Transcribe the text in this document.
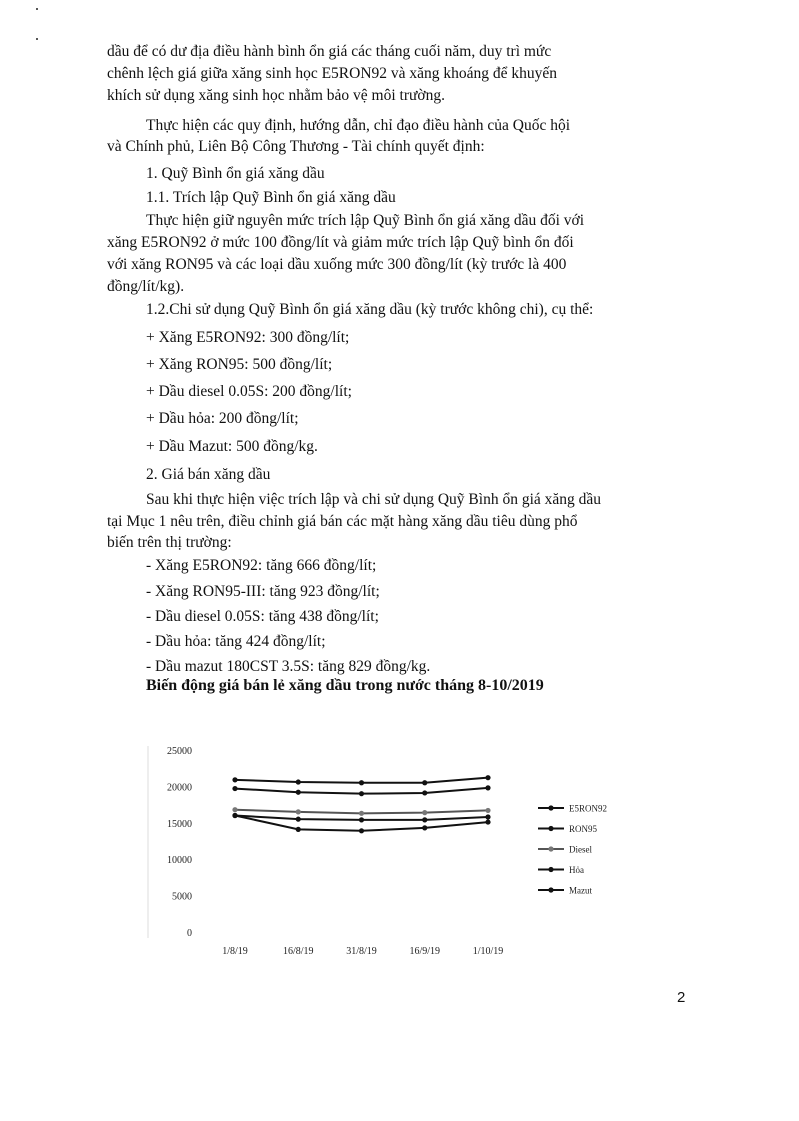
dầu để có dư địa điều hành bình ổn giá các tháng cuối năm, duy trì mức
chênh lệch giá giữa xăng sinh học E5RON92 và xăng khoáng để khuyến
khích sử dụng xăng sinh học nhằm bảo vệ môi trường.
Thực hiện các quy định, hướng dẫn, chỉ đạo điều hành của Quốc hội
và Chính phủ, Liên Bộ Công Thương - Tài chính quyết định:
1. Quỹ Bình ổn giá xăng dầu
1.1. Trích lập Quỹ Bình ổn giá xăng dầu
Thực hiện giữ nguyên mức trích lập Quỹ Bình ổn giá xăng dầu đối với
xăng E5RON92 ở mức 100 đồng/lít và giảm mức trích lập Quỹ bình ổn đối
với xăng RON95 và các loại dầu xuống mức 300 đồng/lít (kỳ trước là 400
đồng/lít/kg).
1.2.Chi sử dụng Quỹ Bình ổn giá xăng dầu (kỳ trước không chi), cụ thể:
+ Xăng E5RON92: 300 đồng/lít;
+ Xăng RON95: 500 đồng/lít;
+ Dầu diesel 0.05S: 200 đồng/lít;
+ Dầu hỏa: 200 đồng/lít;
+ Dầu Mazut: 500 đồng/kg.
2. Giá bán xăng dầu
Sau khi thực hiện việc trích lập và chi sử dụng Quỹ Bình ổn giá xăng dầu
tại Mục 1 nêu trên, điều chỉnh giá bán các mặt hàng xăng dầu tiêu dùng phổ
biến trên thị trường:
- Xăng E5RON92: tăng 666 đồng/lít;
- Xăng RON95-III: tăng 923 đồng/lít;
- Dầu diesel 0.05S: tăng 438 đồng/lít;
- Dầu hỏa: tăng 424 đồng/lít;
- Dầu mazut 180CST 3.5S: tăng 829 đồng/kg.
Biến động giá bán lẻ xăng dầu trong nước tháng 8-10/2019
0
5000
10000
15000
20000
25000
1/8/19	16/8/19	31/8/19	16/9/19	1/10/19
E5RON92
RON95
Diesel
Hỏa
Mazut
2
